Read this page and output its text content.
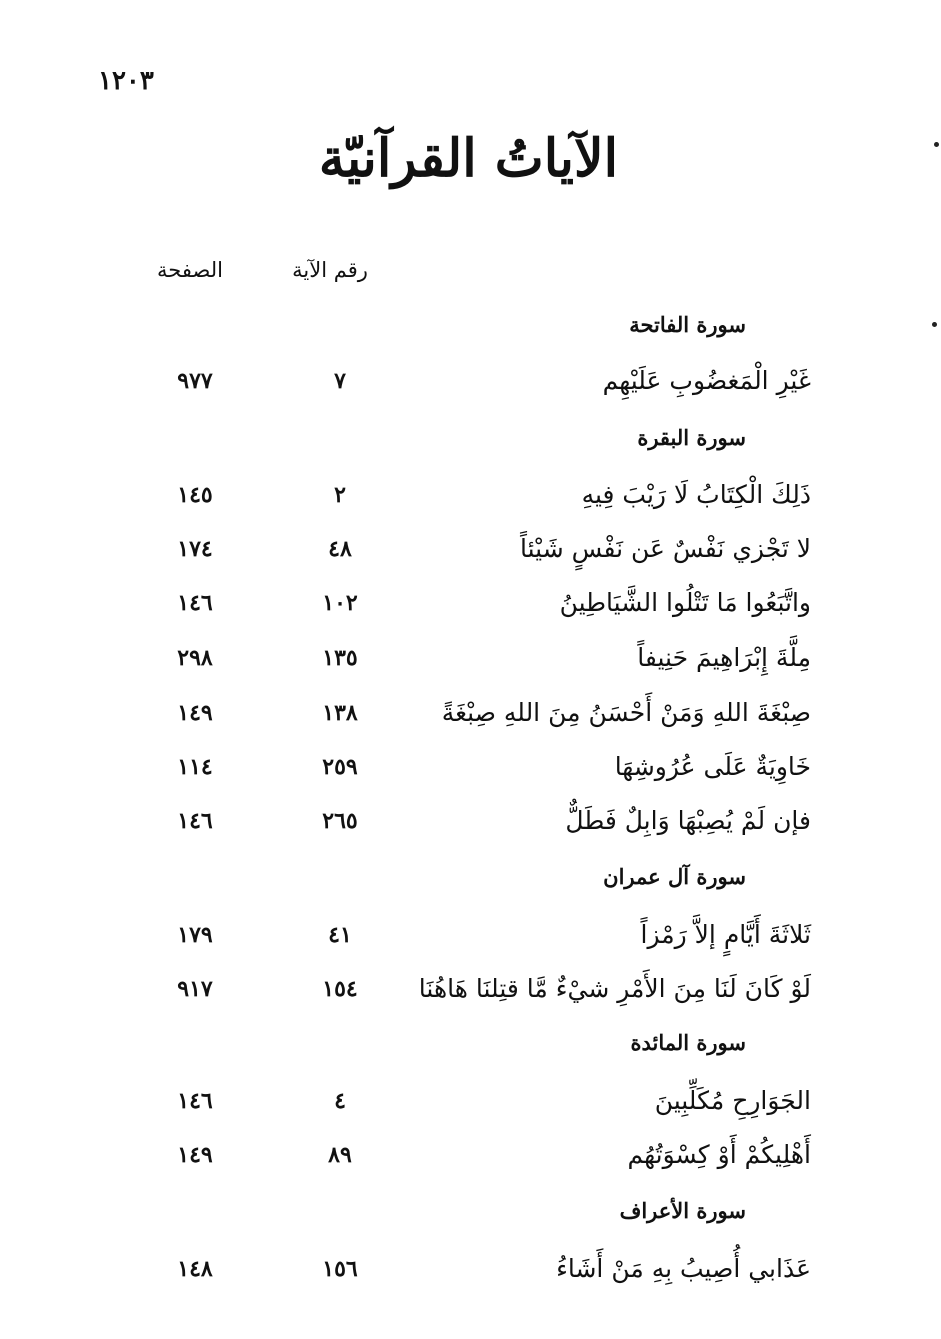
١٢٠٣
الآياتُ القرآنيّة
رقم الآية
الصفحة
سورة الفاتحة
غَيْرِ الْمَغضُوبِ عَلَيْهِم
٧
٩٧٧
سورة البقرة
ذَلِكَ الْكِتَابُ لَا رَيْبَ فِيهِ
٢
١٤٥
لا تَجْزي نَفْسٌ عَن نَفْسٍ شَيْئاً
٤٨
١٧٤
واتَّبَعُوا مَا تَتْلُوا الشَّيَاطِينُ
١٠٢
١٤٦
مِلَّةَ إِبْرَاهِيمَ حَنِيفاً
١٣٥
٢٩٨
صِبْغَةَ اللهِ وَمَنْ أَحْسَنُ مِنَ اللهِ صِبْغَةً
١٣٨
١٤٩
خَاوِيَةٌ عَلَى عُرُوشِهَا
٢٥٩
١١٤
فإن لَمْ يُصِبْهَا وَابِلٌ فَطَلٌّ
٢٦٥
١٤٦
سورة آل عمران
ثَلاثَةَ أَيَّامٍ إلاَّ رَمْزاً
٤١
١٧٩
لَوْ كَانَ لَنَا مِنَ الأَمْرِ شيْءٌ مَّا قتِلنَا هَاهُنَا
١٥٤
٩١٧
سورة المائدة
الجَوَارِحِ مُكَلِّبِينَ
٤
١٤٦
أَهْلِيكُمْ أَوْ كِسْوَتُهُم
٨٩
١٤٩
سورة الأعراف
عَذَابي أُصِيبُ بِهِ مَنْ أَشَاءُ
١٥٦
١٤٨
